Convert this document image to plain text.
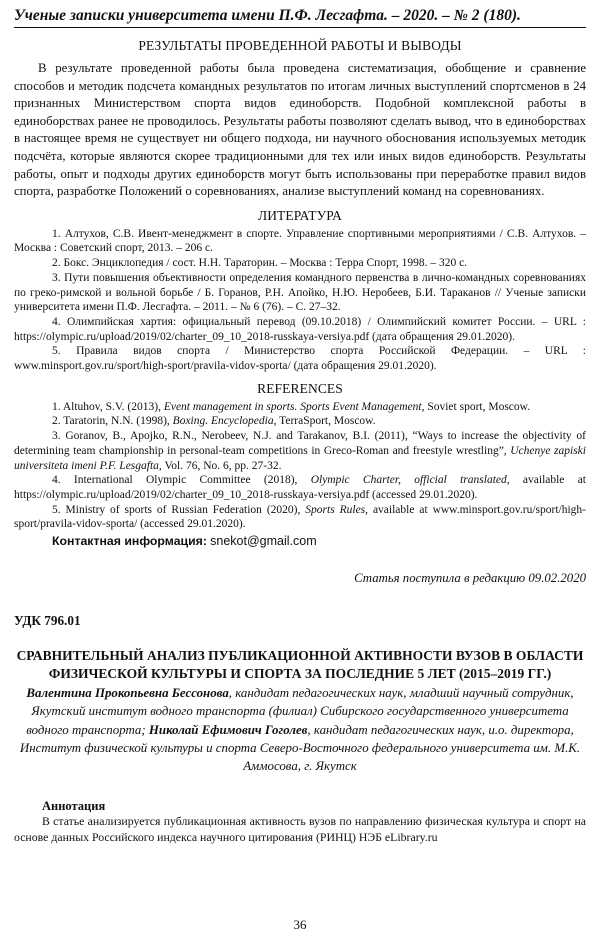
Ученые записки университета имени П.Ф. Лесгафта. – 2020. – № 2 (180).
РЕЗУЛЬТАТЫ ПРОВЕДЕННОЙ РАБОТЫ И ВЫВОДЫ

В результате проведенной работы была проведена систематизация, обобщение и сравнение способов и методик подсчета командных результатов по итогам личных выступлений спортсменов в 24 признанных Министерством спорта видов единоборств. Подобной комплексной работы в единоборствах ранее не проводилось. Результаты работы позволяют сделать вывод, что в единоборствах в настоящее время не существует ни общего подхода, ни научного обоснования используемых методик подсчёта, которые являются скорее традиционными для тех или иных видов единоборств. Результаты работы, опыт и подходы других единоборств могут быть использованы при переработке правил видов спорта, разработке Положений о соревнованиях, анализе выступлений команд на соревнованиях.

ЛИТЕРАТУРА

1. Алтухов, С.В. Ивент-менеджмент в спорте. Управление спортивными мероприятиями / С.В. Алтухов. – Москва : Советский спорт, 2013. – 206 с.

2. Бокс. Энциклопедия / сост. Н.Н. Тараторин. – Москва : Терра Спорт, 1998. – 320 с.

3. Пути повышения объективности определения командного первенства в лично-командных соревнованиях по греко-римской и вольной борьбе / Б. Горанов, Р.Н. Апойко, Н.Ю. Неробеев, Б.И. Тараканов // Ученые записки университета имени П.Ф. Лесгафта. – 2011. – № 6 (76). – С. 27–32.

4. Олимпийская хартия: официальный перевод (09.10.2018) / Олимпийский комитет России. – URL : https://olympic.ru/upload/2019/02/charter_09_10_2018-russkaya-versiya.pdf (дата обращения 29.01.2020).

5. Правила видов спорта / Министерство спорта Российской Федерации. – URL : www.minsport.gov.ru/sport/high-sport/pravila-vidov-sporta/ (дата обращения 29.01.2020).

REFERENCES

1. Altuhov, S.V. (2013), Event management in sports. Sports Event Management, Soviet sport, Moscow.

2. Taratorin, N.N. (1998), Boxing. Encyclopedia, TerraSport, Moscow.

3. Goranov, B., Apojko, R.N., Nerobeev, N.J. and Tarakanov, B.I. (2011), “Ways to increase the objectivity of determining team championship in personal-team competitions in Greco-Roman and freestyle wrestling”, Uchenye zapiski universiteta imeni P.F. Lesgafta, Vol. 76, No. 6, pp. 27-32.

4. International Olympic Committee (2018), Olympic Charter, official translated, available at https://olympic.ru/upload/2019/02/charter_09_10_2018-russkaya-versiya.pdf (accessed 29.01.2020).

5. Ministry of sports of Russian Federation (2020), Sports Rules, available at www.minsport.gov.ru/sport/high-sport/pravila-vidov-sporta/ (accessed 29.01.2020).

Контактная информация: snekot@gmail.com
Статья поступила в редакцию 09.02.2020
УДК 796.01
СРАВНИТЕЛЬНЫЙ АНАЛИЗ ПУБЛИКАЦИОННОЙ АКТИВНОСТИ ВУЗОВ В ОБЛАСТИ ФИЗИЧЕСКОЙ КУЛЬТУРЫ И СПОРТА ЗА ПОСЛЕДНИЕ 5 ЛЕТ (2015–2019 ГГ.)
Валентина Прокопьевна Бессонова, кандидат педагогических наук, младший научный сотрудник, Якутский институт водного транспорта (филиал) Сибирского государственного университета водного транспорта; Николай Ефимович Гоголев, кандидат педагогических наук, и.о. директора, Институт физической культуры и спорта Северо-Восточного федерального университета им. М.К. Аммосова, г. Якутск
Аннотация

В статье анализируется публикационная активность вузов по направлению физическая культура и спорт на основе данных Российского индекса научного цитирования (РИНЦ) НЭБ eLibrary.ru

36
